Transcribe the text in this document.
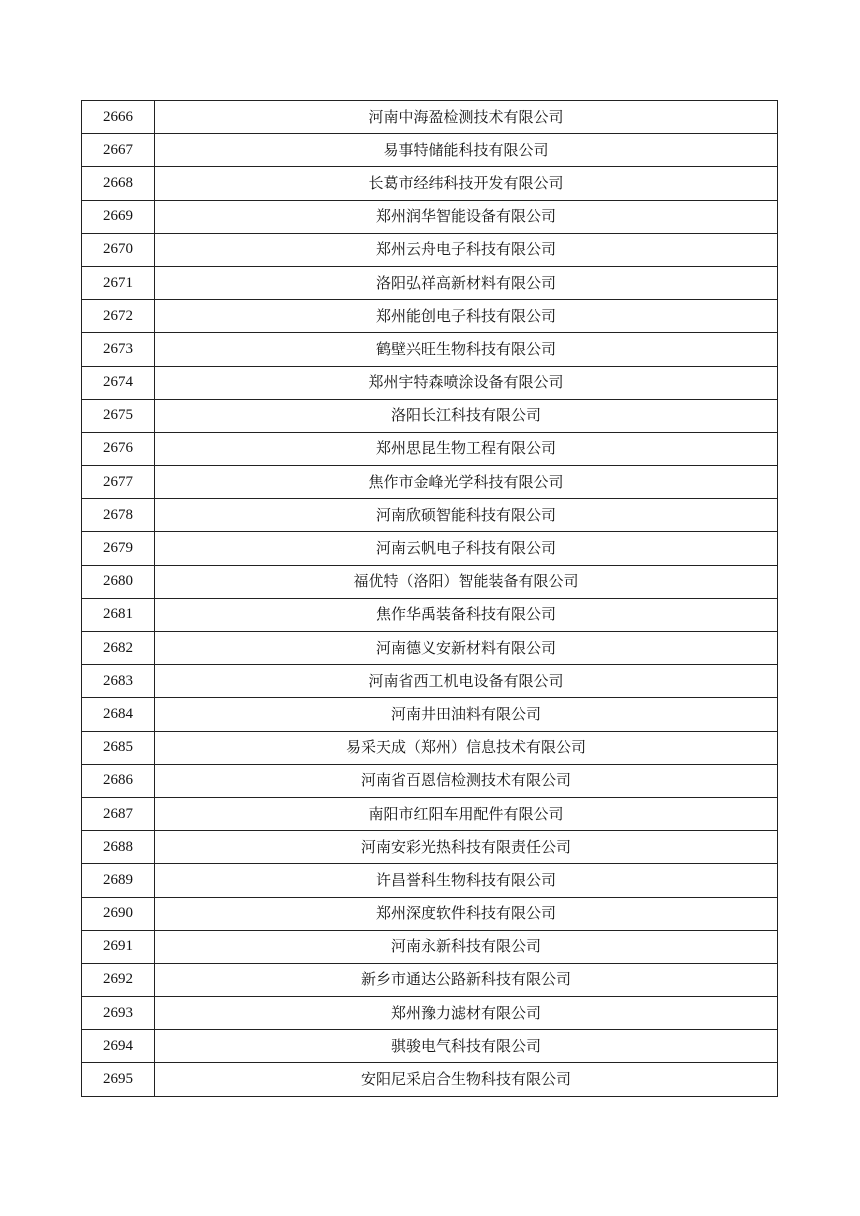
2666	河南中海盈检测技术有限公司
2667	易事特储能科技有限公司
2668	长葛市经纬科技开发有限公司
2669	郑州润华智能设备有限公司
2670	郑州云舟电子科技有限公司
2671	洛阳弘祥高新材料有限公司
2672	郑州能创电子科技有限公司
2673	鹤壁兴旺生物科技有限公司
2674	郑州宇特森喷涂设备有限公司
2675	洛阳长江科技有限公司
2676	郑州思昆生物工程有限公司
2677	焦作市金峰光学科技有限公司
2678	河南欣硕智能科技有限公司
2679	河南云帆电子科技有限公司
2680	福优特（洛阳）智能装备有限公司
2681	焦作华禹装备科技有限公司
2682	河南德义安新材料有限公司
2683	河南省西工机电设备有限公司
2684	河南井田油料有限公司
2685	易采天成（郑州）信息技术有限公司
2686	河南省百恩信检测技术有限公司
2687	南阳市红阳车用配件有限公司
2688	河南安彩光热科技有限责任公司
2689	许昌誉科生物科技有限公司
2690	郑州深度软件科技有限公司
2691	河南永新科技有限公司
2692	新乡市通达公路新科技有限公司
2693	郑州豫力滤材有限公司
2694	骐骏电气科技有限公司
2695	安阳尼采启合生物科技有限公司
